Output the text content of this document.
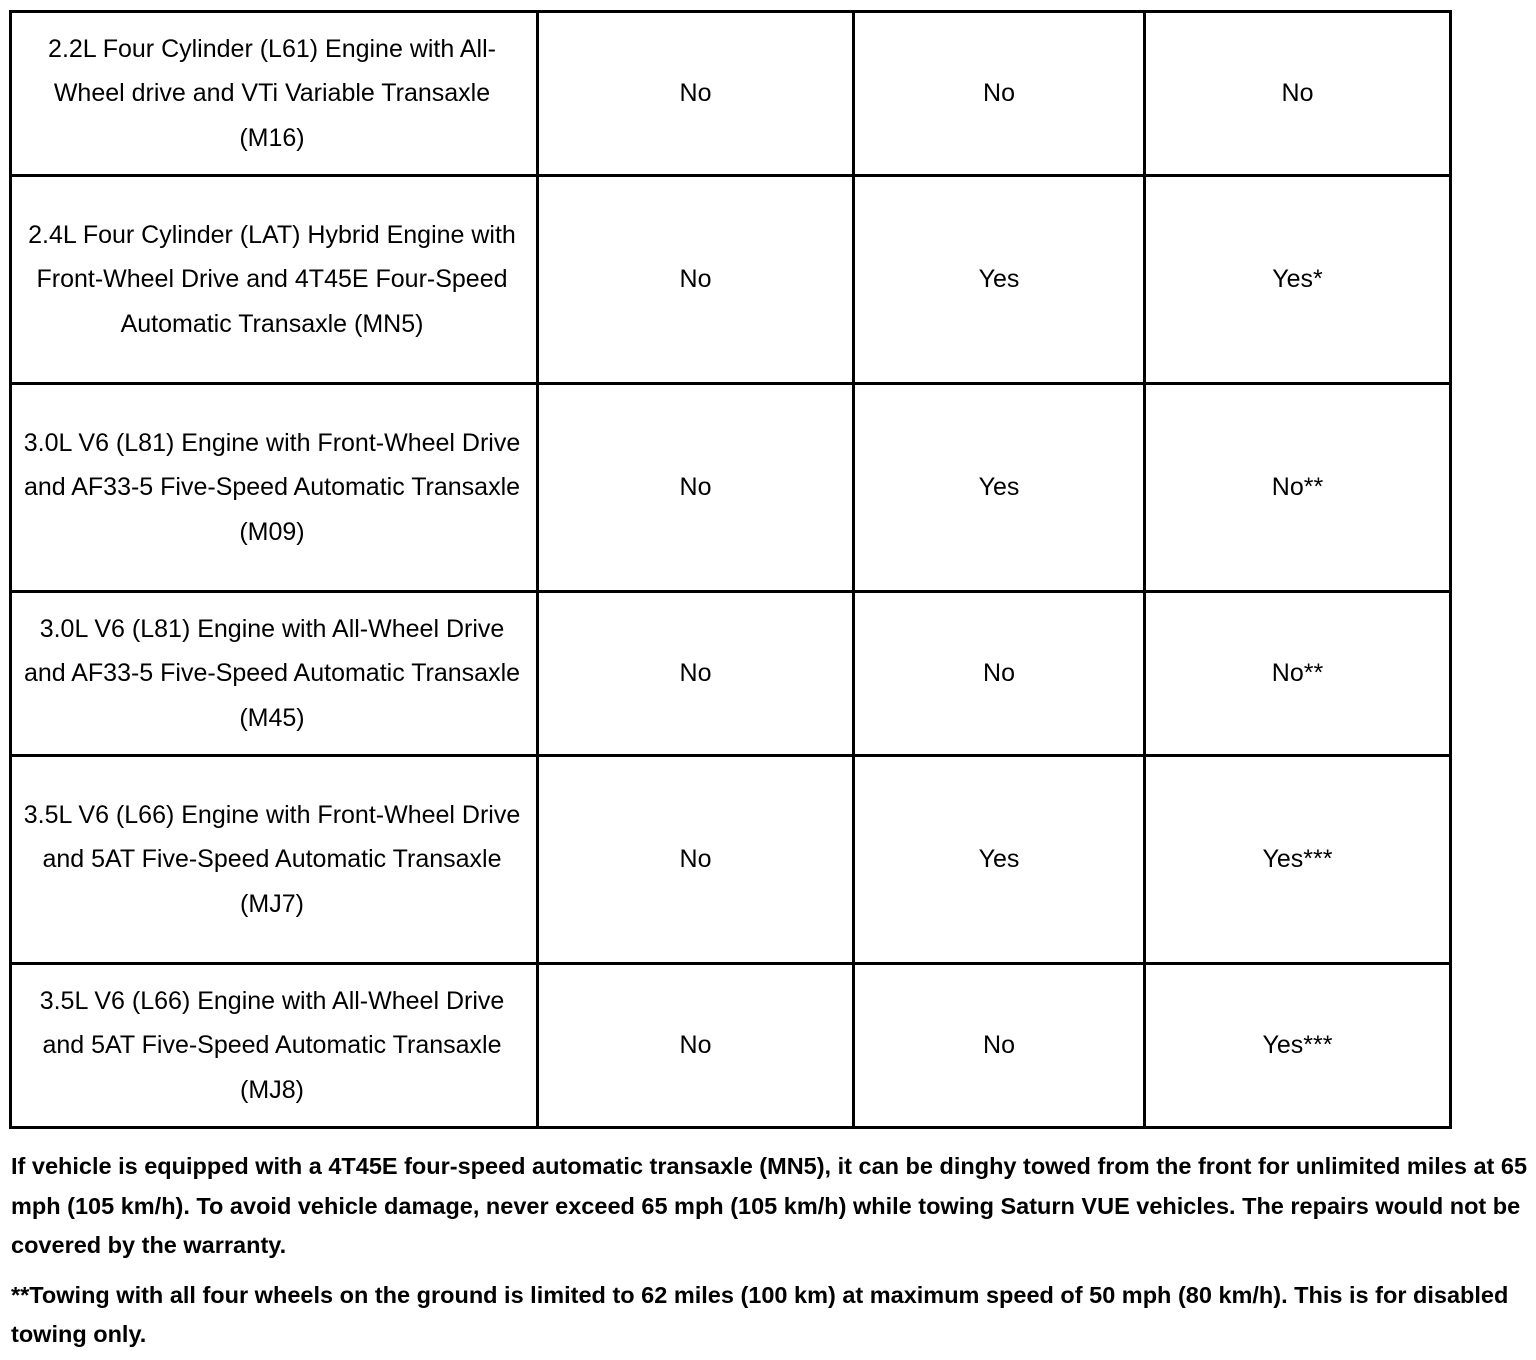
2.2L Four Cylinder (L61) Engine with All-Wheel drive and VTi Variable Transaxle (M16)	No	No	No
2.4L Four Cylinder (LAT) Hybrid Engine with Front-Wheel Drive and 4T45E Four-Speed Automatic Transaxle (MN5)	No	Yes	Yes*
3.0L V6 (L81) Engine with Front-Wheel Drive and AF33-5 Five-Speed Automatic Transaxle (M09)	No	Yes	No**
3.0L V6 (L81) Engine with All-Wheel Drive and AF33-5 Five-Speed Automatic Transaxle (M45)	No	No	No**
3.5L V6 (L66) Engine with Front-Wheel Drive and 5AT Five-Speed Automatic Transaxle (MJ7)	No	Yes	Yes***
3.5L V6 (L66) Engine with All-Wheel Drive and 5AT Five-Speed Automatic Transaxle (MJ8)	No	No	Yes***

If vehicle is equipped with a 4T45E four-speed automatic transaxle (MN5), it can be dinghy towed from the front for unlimited miles at 65 mph (105 km/h). To avoid vehicle damage, never exceed 65 mph (105 km/h) while towing Saturn VUE vehicles. The repairs would not be covered by the warranty.

**Towing with all four wheels on the ground is limited to 62 miles (100 km) at maximum speed of 50 mph (80 km/h). This is for disabled towing only.
